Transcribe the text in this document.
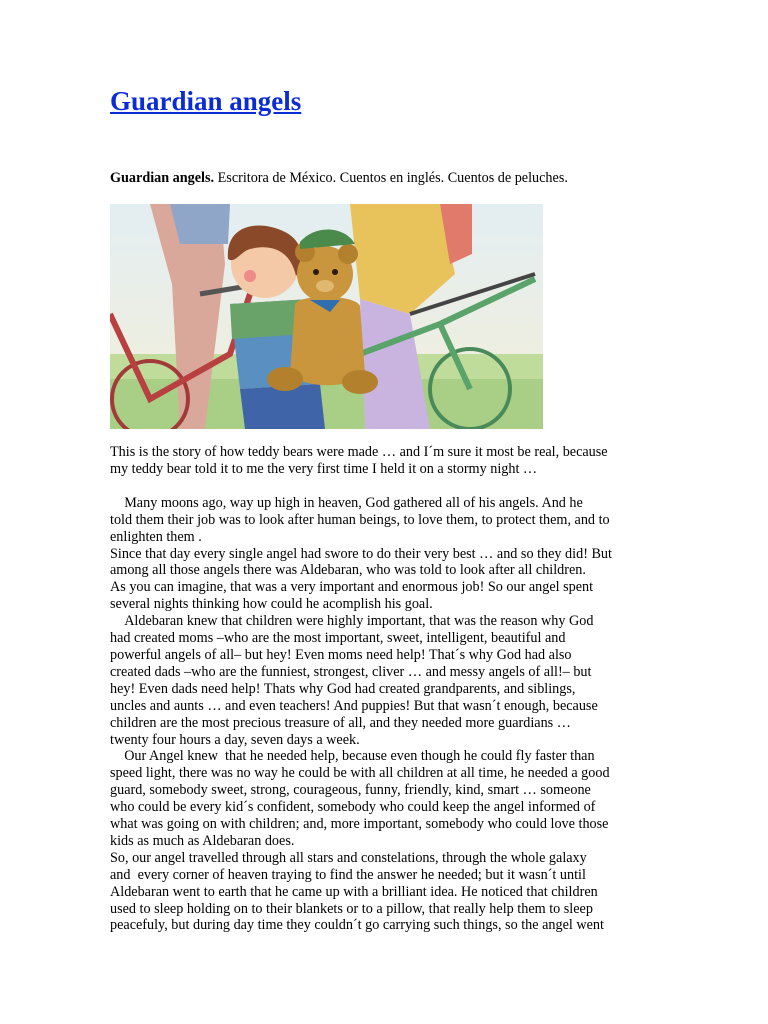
Guardian angels
Guardian angels. Escritora de México. Cuentos en inglés. Cuentos de peluches.

This is the story of how teddy bears were made … and I´m sure it most be real, because

my teddy bear told it to me the very first time I held it on a stormy night …

Many moons ago, way up high in heaven, God gathered all of his angels. And he

told them their job was to look after human beings, to love them, to protect them, and to

enlighten them .

Since that day every single angel had swore to do their very best … and so they did! But

among all those angels there was Aldebaran, who was told to look after all children.

As you can imagine, that was a very important and enormous job! So our angel spent

several nights thinking how could he acomplish his goal.

Aldebaran knew that children were highly important, that was the reason why God

had created moms –who are the most important, sweet, intelligent, beautiful and

powerful angels of all– but hey! Even moms need help! That´s why God had also

created dads –who are the funniest, strongest, cliver … and messy angels of all!– but

hey! Even dads need help! Thats why God had created grandparents, and siblings,

uncles and aunts … and even teachers! And puppies! But that wasn´t enough, because

children are the most precious treasure of all, and they needed more guardians …

twenty four hours a day, seven days a week.

Our Angel knew  that he needed help, because even though he could fly faster than

speed light, there was no way he could be with all children at all time, he needed a good

guard, somebody sweet, strong, courageous, funny, friendly, kind, smart … someone

who could be every kid´s confident, somebody who could keep the angel informed of

what was going on with children; and, more important, somebody who could love those

kids as much as Aldebaran does.

So, our angel travelled through all stars and constelations, through the whole galaxy

and  every corner of heaven traying to find the answer he needed; but it wasn´t until

Aldebaran went to earth that he came up with a brilliant idea. He noticed that children

used to sleep holding on to their blankets or to a pillow, that really help them to sleep

peacefuly, but during day time they couldn´t go carrying such things, so the angel went
